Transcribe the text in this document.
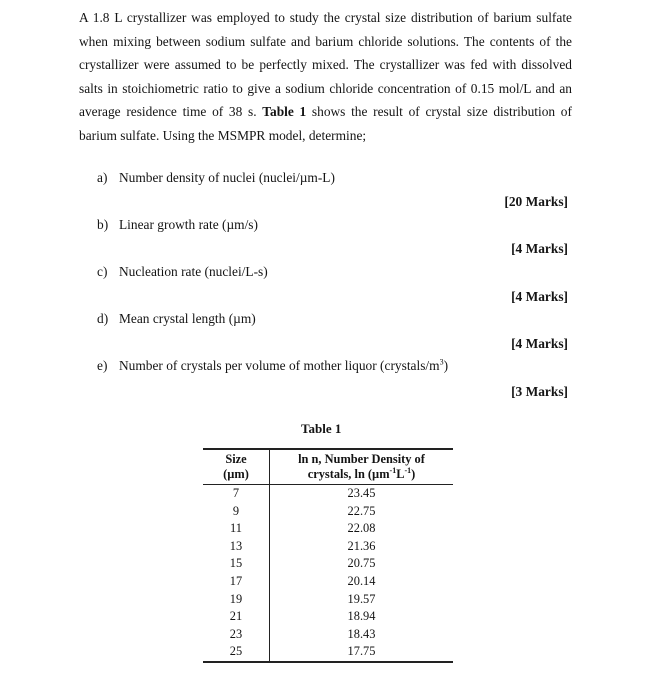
A 1.8 L crystallizer was employed to study the crystal size distribution of barium sulfate when mixing between sodium sulfate and barium chloride solutions. The contents of the crystallizer were assumed to be perfectly mixed. The crystallizer was fed with dissolved salts in stoichiometric ratio to give a sodium chloride concentration of 0.15 mol/L and an average residence time of 38 s. Table 1 shows the result of crystal size distribution of barium sulfate. Using the MSMPR model, determine;
a) Number density of nuclei (nuclei/µm-L)
[20 Marks]
b) Linear growth rate (µm/s)
[4 Marks]
c) Nucleation rate (nuclei/L-s)
[4 Marks]
d) Mean crystal length (µm)
[4 Marks]
e) Number of crystals per volume of mother liquor $(crystals/m^3)$
[3 Marks]
Table 1
Size
(µm)	ln n, Number Density of
crystals, $\ln (\mu m^{-1}L^{-1})$
7	23.45
9	22.75
11	22.08
13	21.36
15	20.75
17	20.14
19	19.57
21	18.94
23	18.43
25	17.75
